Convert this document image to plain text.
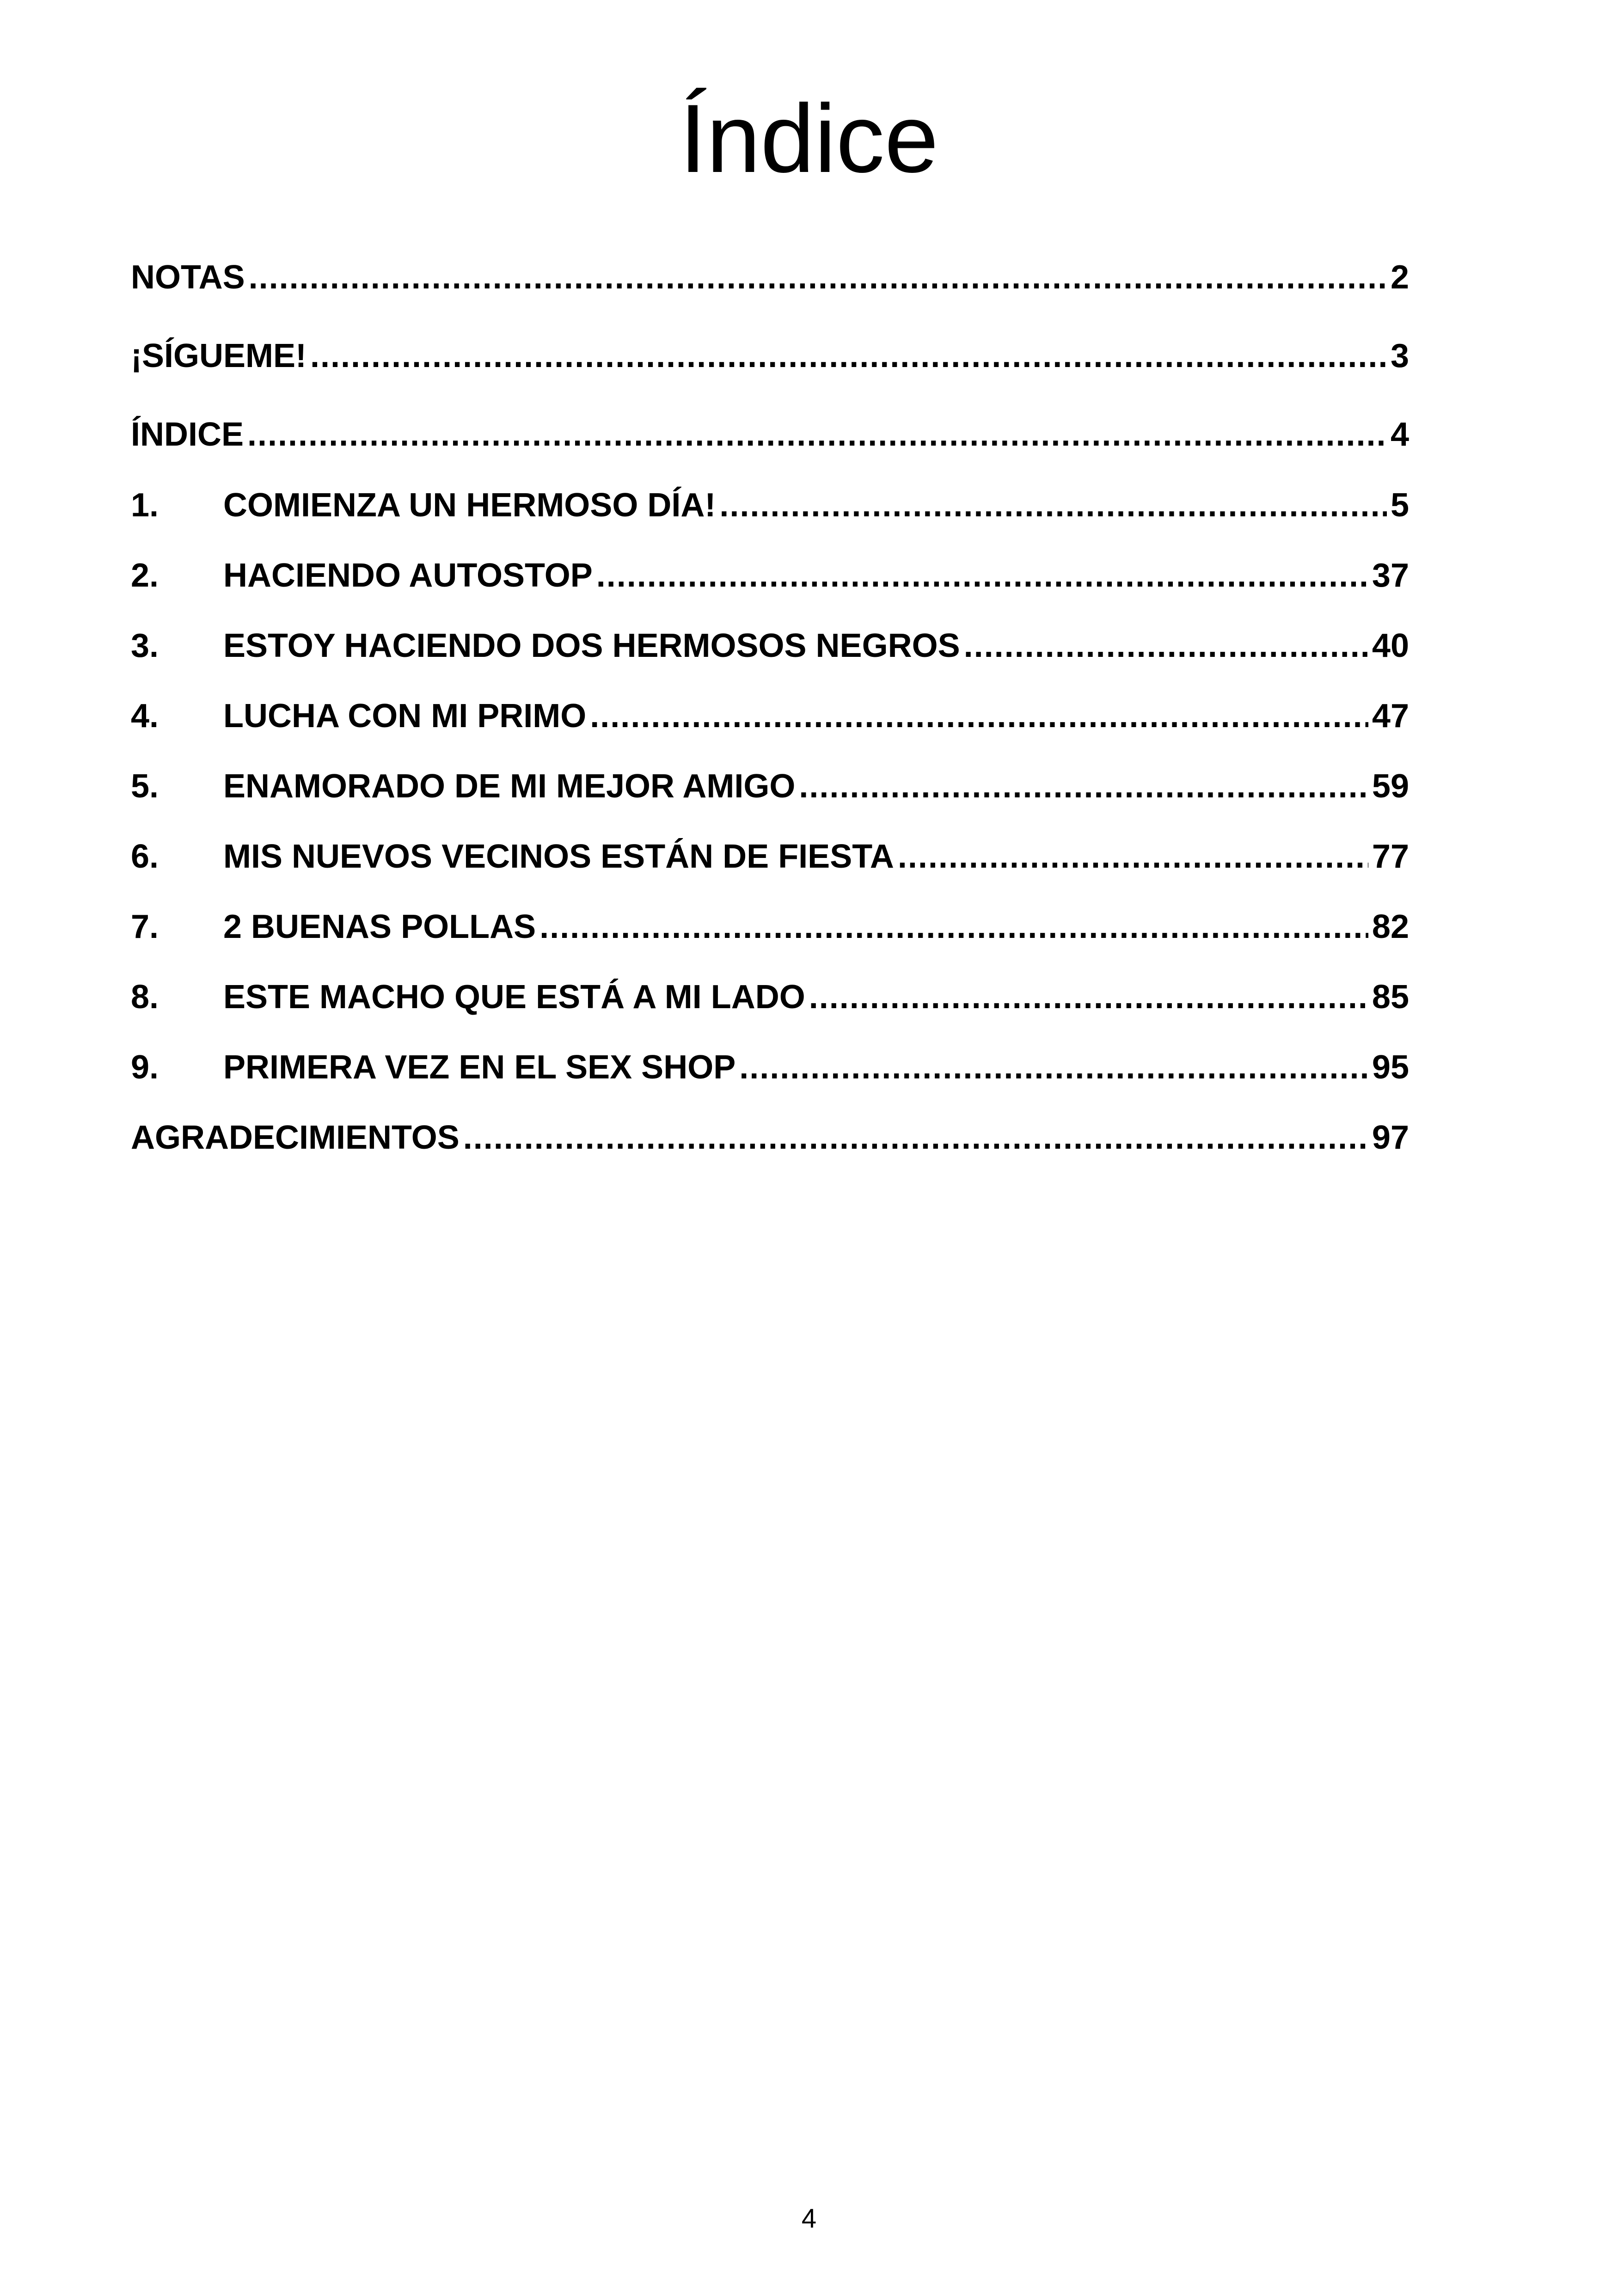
Índice
NOTAS .....	2
¡SÍGUEME! .....	3
ÍNDICE .....	4
1.	COMIENZA UN HERMOSO DÍA! .....	5
2.	HACIENDO AUTOSTOP .....	37
3.	ESTOY HACIENDO DOS HERMOSOS NEGROS .....	40
4.	LUCHA CON MI PRIMO .....	47
5.	ENAMORADO DE MI MEJOR AMIGO .....	59
6.	MIS NUEVOS VECINOS ESTÁN DE FIESTA .....	77
7.	2 BUENAS POLLAS .....	82
8.	ESTE MACHO QUE ESTÁ A MI LADO .....	85
9.	PRIMERA VEZ EN EL SEX SHOP .....	95
AGRADECIMIENTOS .....	97
4
